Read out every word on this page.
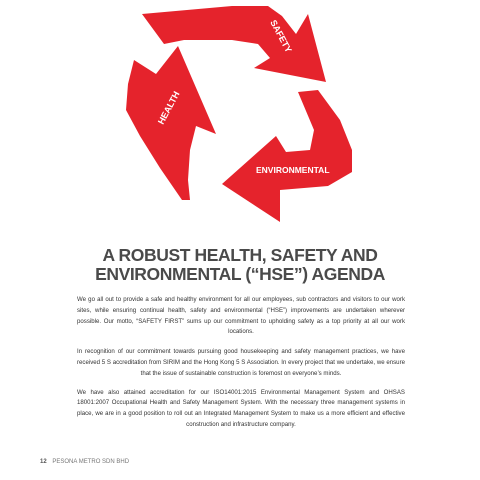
SAFETY
HEALTH
ENVIRONMENTAL
A ROBUST HEALTH, SAFETY AND
ENVIRONMENTAL (“HSE”) AGENDA

We go all out to provide a safe and healthy environment for all our employees, sub contractors and visitors to our work sites, while ensuring continual health, safety and environmental (“HSE”) improvements are undertaken wherever possible. Our motto, “SAFETY FIRST” sums up our commitment to upholding safety as a top priority at all our work locations.

In recognition of our commitment towards pursuing good housekeeping and safety management practices, we have received 5 S accreditation from SIRIM and the Hong Kong 5 S Association. In every project that we undertake, we ensure that the issue of sustainable construction is foremost on everyone’s minds.

We have also attained accreditation for our ISO14001:2015 Environmental Management System and OHSAS 18001:2007 Occupational Health and Safety Management System. With the necessary three management systems in place, we are in a good position to roll out an Integrated Management System to make us a more efficient and effective construction and infrastructure company.

12 PESONA METRO SDN BHD
